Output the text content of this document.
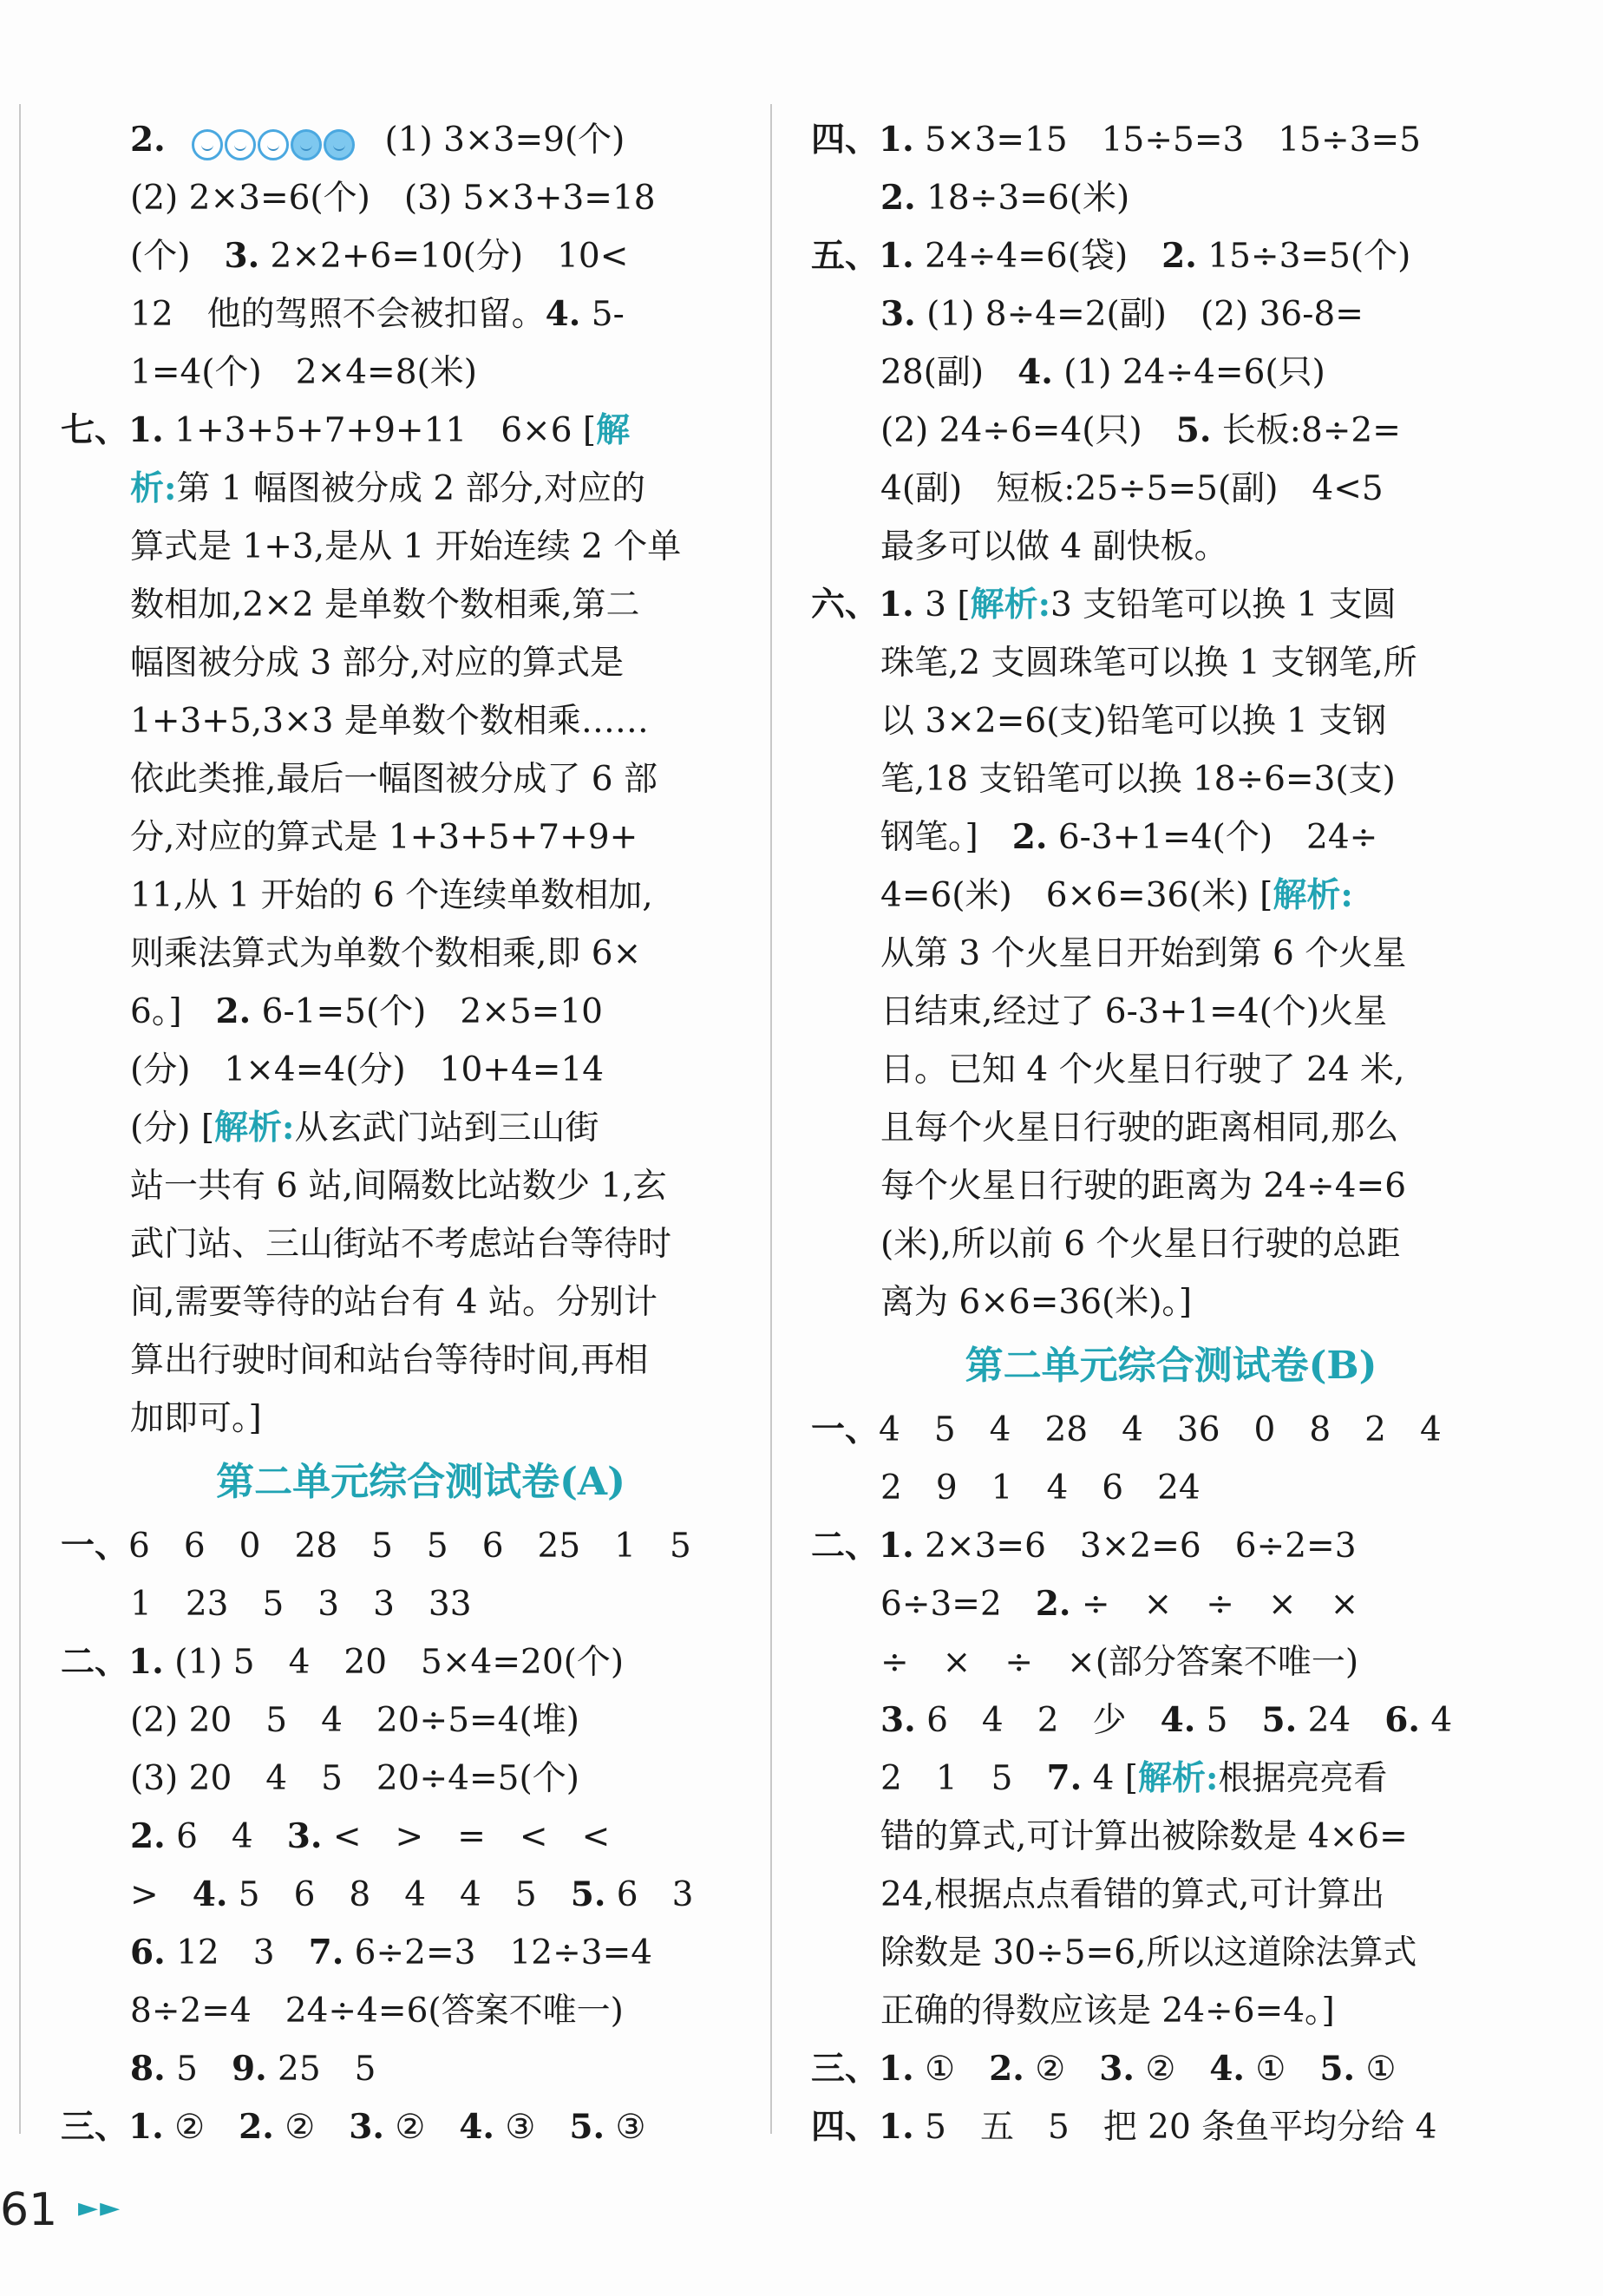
2.	(1) 3×3=9(个)
(2) 2×3=6(个)　(3) 5×3+3=18
(个)　3. 2×2+6=10(分)　10<
12　他的驾照不会被扣留。4. 5-
1=4(个)　2×4=8(米)
七、1. 1+3+5+7+9+11　6×6 [解
析:第 1 幅图被分成 2 部分,对应的
算式是 1+3,是从 1 开始连续 2 个单
数相加,2×2 是单数个数相乘,第二
幅图被分成 3 部分,对应的算式是
1+3+5,3×3 是单数个数相乘……
依此类推,最后一幅图被分成了 6 部
分,对应的算式是 1+3+5+7+9+
11,从 1 开始的 6 个连续单数相加,
则乘法算式为单数个数相乘,即 6×
6。]　2. 6-1=5(个)　2×5=10
(分)　1×4=4(分)　10+4=14
(分) [解析:从玄武门站到三山街
站一共有 6 站,间隔数比站数少 1,玄
武门站、三山街站不考虑站台等待时
间,需要等待的站台有 4 站。分别计
算出行驶时间和站台等待时间,再相
加即可。]
第二单元综合测试卷(A)
一、6　6　0　28　5　5　6　25　1　5
1　23　5　3　3　33
二、1. (1) 5　4　20　5×4=20(个)
(2) 20　5　4　20÷5=4(堆)
(3) 20　4　5　20÷4=5(个)
2. 6　4　3. <　>　=　<　<
>　4. 5　6　8　4　4　5　5. 6　3
6. 12　3　7. 6÷2=3　12÷3=4
8÷2=4　24÷4=6(答案不唯一)
8. 5　9. 25　5
三、1. ②　2. ②　3. ②　4. ③　5. ③
四、1. 5×3=15　15÷5=3　15÷3=5
2. 18÷3=6(米)
五、1. 24÷4=6(袋)　2. 15÷3=5(个)
3. (1) 8÷4=2(副)　(2) 36-8=
28(副)　4. (1) 24÷4=6(只)
(2) 24÷6=4(只)　5. 长板:8÷2=
4(副)　短板:25÷5=5(副)　4<5
最多可以做 4 副快板。
六、1. 3 [解析:3 支铅笔可以换 1 支圆
珠笔,2 支圆珠笔可以换 1 支钢笔,所
以 3×2=6(支)铅笔可以换 1 支钢
笔,18 支铅笔可以换 18÷6=3(支)
钢笔。]　2. 6-3+1=4(个)　24÷
4=6(米)　6×6=36(米) [解析:
从第 3 个火星日开始到第 6 个火星
日结束,经过了 6-3+1=4(个)火星
日。已知 4 个火星日行驶了 24 米,
且每个火星日行驶的距离相同,那么
每个火星日行驶的距离为 24÷4=6
(米),所以前 6 个火星日行驶的总距
离为 6×6=36(米)。]
第二单元综合测试卷(B)
一、4　5　4　28　4　36　0　8　2　4
2　9　1　4　6　24
二、1. 2×3=6　3×2=6　6÷2=3
6÷3=2　2. ÷　×　÷　×　×
÷　×　÷　×(部分答案不唯一)
3. 6　4　2　少　4. 5　5. 24　6. 4
2　1　5　7. 4 [解析:根据亮亮看
错的算式,可计算出被除数是 4×6=
24,根据点点看错的算式,可计算出
除数是 30÷5=6,所以这道除法算式
正确的得数应该是 24÷6=4。]
三、1. ①　2. ②　3. ②　4. ①　5. ①
四、1. 5　五　5　把 20 条鱼平均分给 4
61 ►►
